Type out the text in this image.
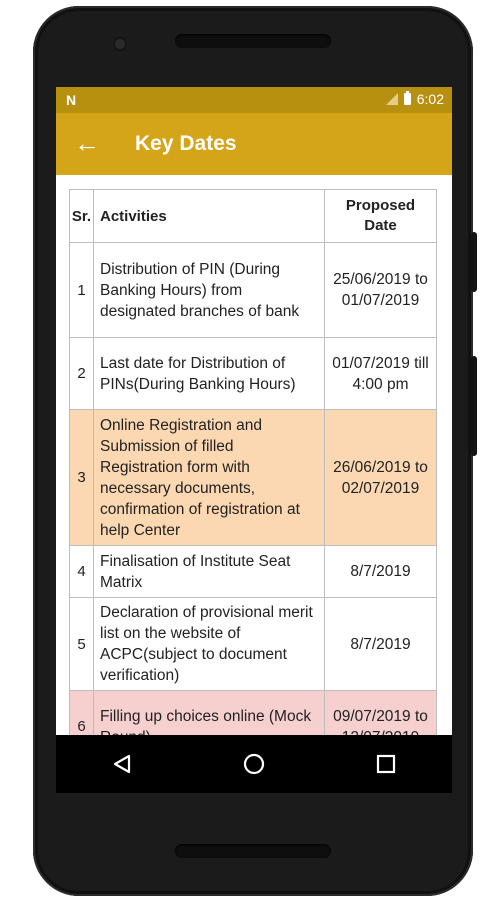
N	6:02
← Key Dates
Sr.	Activities	Proposed Date
1	Distribution of PIN (During Banking Hours) from designated branches of bank	25/06/2019 to 01/07/2019
2	Last date for Distribution of PINs(During Banking Hours)	01/07/2019 till 4:00 pm
3	Online Registration and Submission of filled Registration form with necessary documents, confirmation of registration at help Center	26/06/2019 to 02/07/2019
4	Finalisation of Institute Seat Matrix	8/7/2019
5	Declaration of provisional merit list on the website of ACPC(subject to document verification)	8/7/2019
6	Filling up choices online (Mock	09/07/2019 to
